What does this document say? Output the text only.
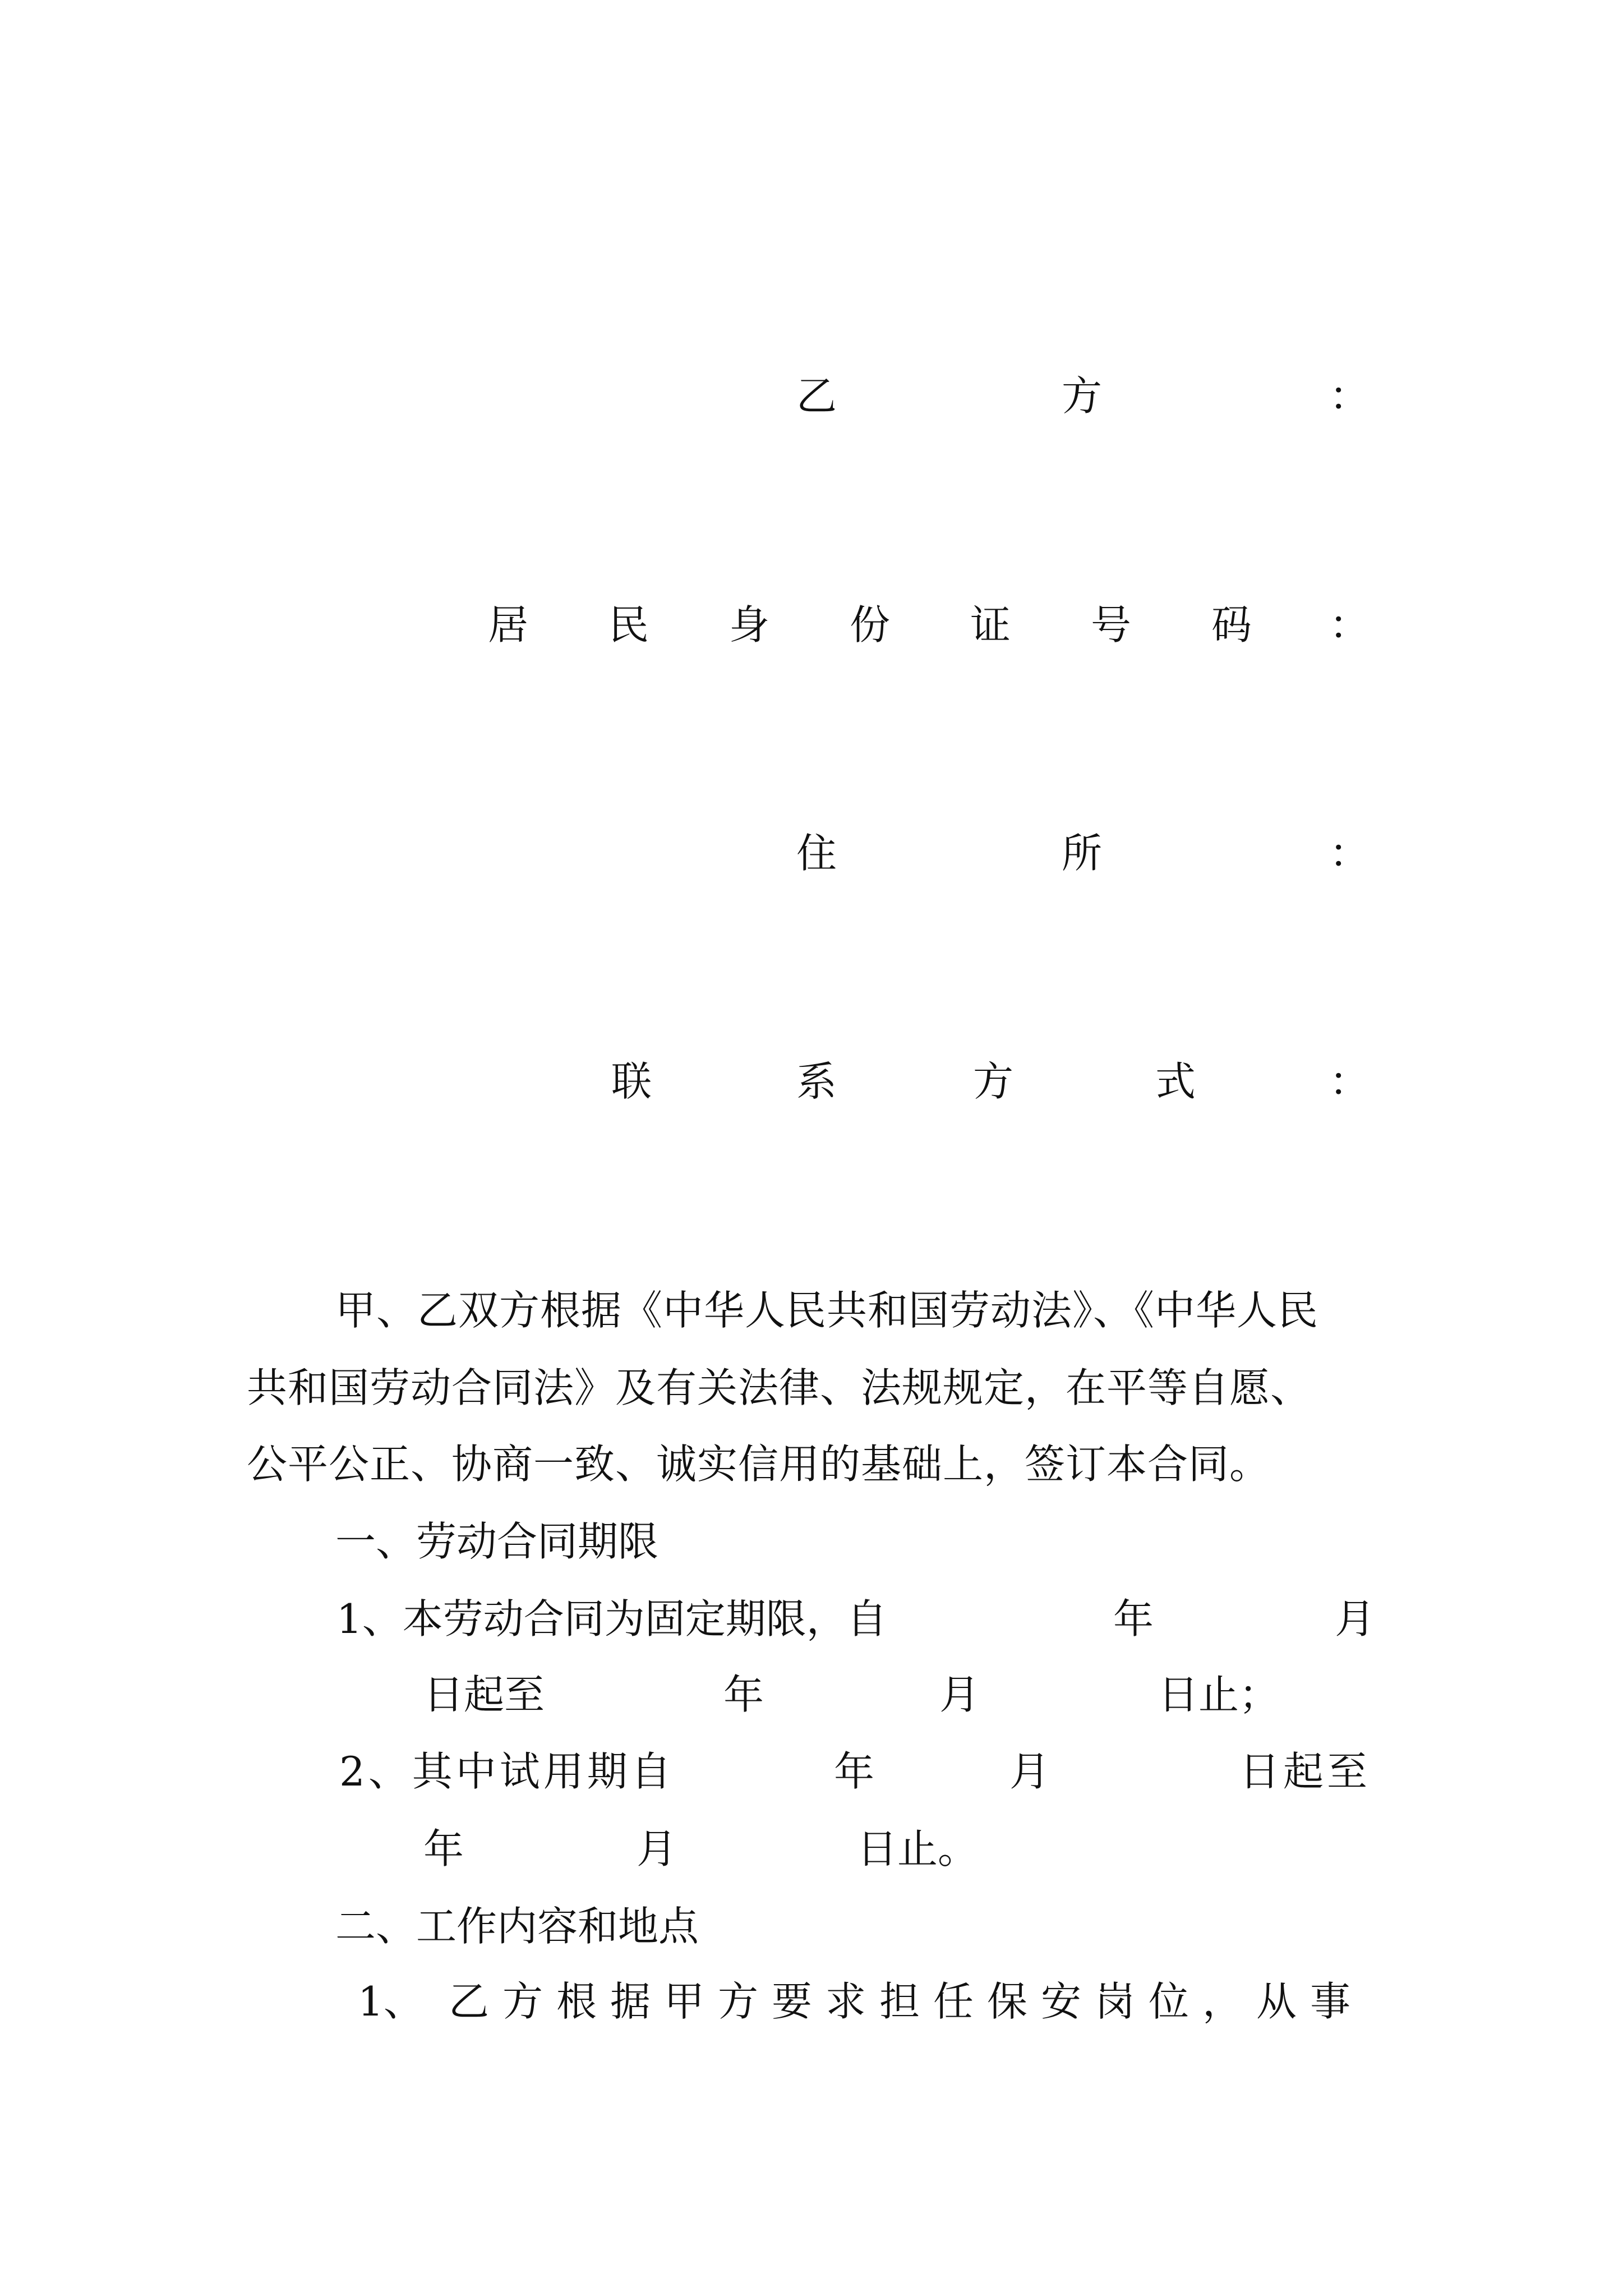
乙	方	：
居 民 身 份 证 号 码 ：
住	所	：
联	系	方	式	：
甲、乙双方根据《中华人民共和国劳动法》、《中华人民
共和国劳动合同法》及有关法律、法规规定，在平等自愿、
公平公正、协商一致、诚实信用的基础上，签订本合同。
一、劳动合同期限
1、本劳动合同为固定期限，自	年	月
日起至	年	月	日止；
2、其中试用期自	年	月	日起至
年	月	日止。
二、工作内容和地点
1、 乙方根据甲方要求担任保安岗位，从事
